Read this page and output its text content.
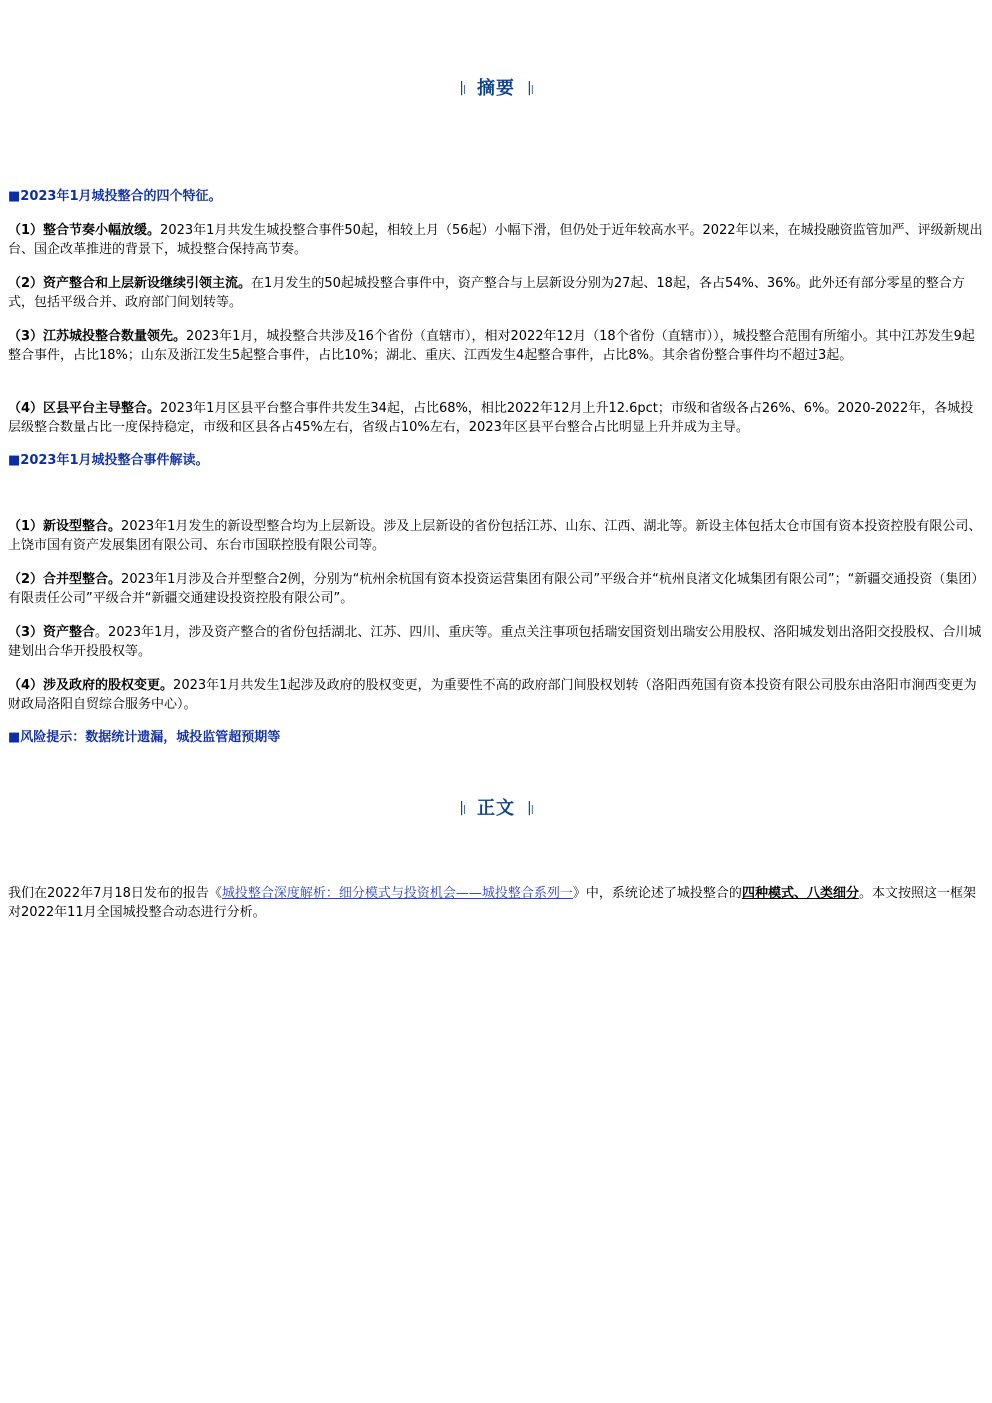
|| 摘要 ||
■2023年1月城投整合的四个特征。
（1）整合节奏小幅放缓。2023年1月共发生城投整合事件50起，相较上月（56起）小幅下滑，但仍处于近年较高水平。2022年以来，在城投融资监管加严、评级新规出台、国企改革推进的背景下，城投整合保持高节奏。
（2）资产整合和上层新设继续引领主流。在1月发生的50起城投整合事件中，资产整合与上层新设分别为27起、18起，各占54%、36%。此外还有部分零星的整合方式，包括平级合并、政府部门间划转等。
（3）江苏城投整合数量领先。2023年1月，城投整合共涉及16个省份（直辖市），相对2022年12月（18个省份（直辖市）），城投整合范围有所缩小。其中江苏发生9起整合事件，占比18%；山东及浙江发生5起整合事件，占比10%；湖北、重庆、江西发生4起整合事件，占比8%。其余省份整合事件均不超过3起。
（4）区县平台主导整合。2023年1月区县平台整合事件共发生34起，占比68%，相比2022年12月上升12.6pct；市级和省级各占26%、6%。2020-2022年，各城投层级整合数量占比一度保持稳定，市级和区县各占45%左右，省级占10%左右，2023年区县平台整合占比明显上升并成为主导。
■2023年1月城投整合事件解读。
（1）新设型整合。2023年1月发生的新设型整合均为上层新设。涉及上层新设的省份包括江苏、山东、江西、湖北等。新设主体包括太仓市国有资本投资控股有限公司、上饶市国有资产发展集团有限公司、东台市国联控股有限公司等。
（2）合并型整合。2023年1月涉及合并型整合2例，分别为“杭州余杭国有资本投资运营集团有限公司”平级合并“杭州良渚文化城集团有限公司”；“新疆交通投资（集团）有限责任公司”平级合并“新疆交通建设投资控股有限公司”。
（3）资产整合。2023年1月，涉及资产整合的省份包括湖北、江苏、四川、重庆等。重点关注事项包括瑞安国资划出瑞安公用股权、洛阳城发划出洛阳交投股权、合川城建划出合华开投股权等。
（4）涉及政府的股权变更。2023年1月共发生1起涉及政府的股权变更，为重要性不高的政府部门间股权划转（洛阳西苑国有资本投资有限公司股东由洛阳市涧西变更为财政局洛阳自贸综合服务中心）。
■风险提示：数据统计遗漏，城投监管超预期等
|| 正文 ||
我们在2022年7月18日发布的报告《城投整合深度解析：细分模式与投资机会——城投整合系列一》中，系统论述了城投整合的四种模式、八类细分。本文按照这一框架对2022年11月全国城投整合动态进行分析。
